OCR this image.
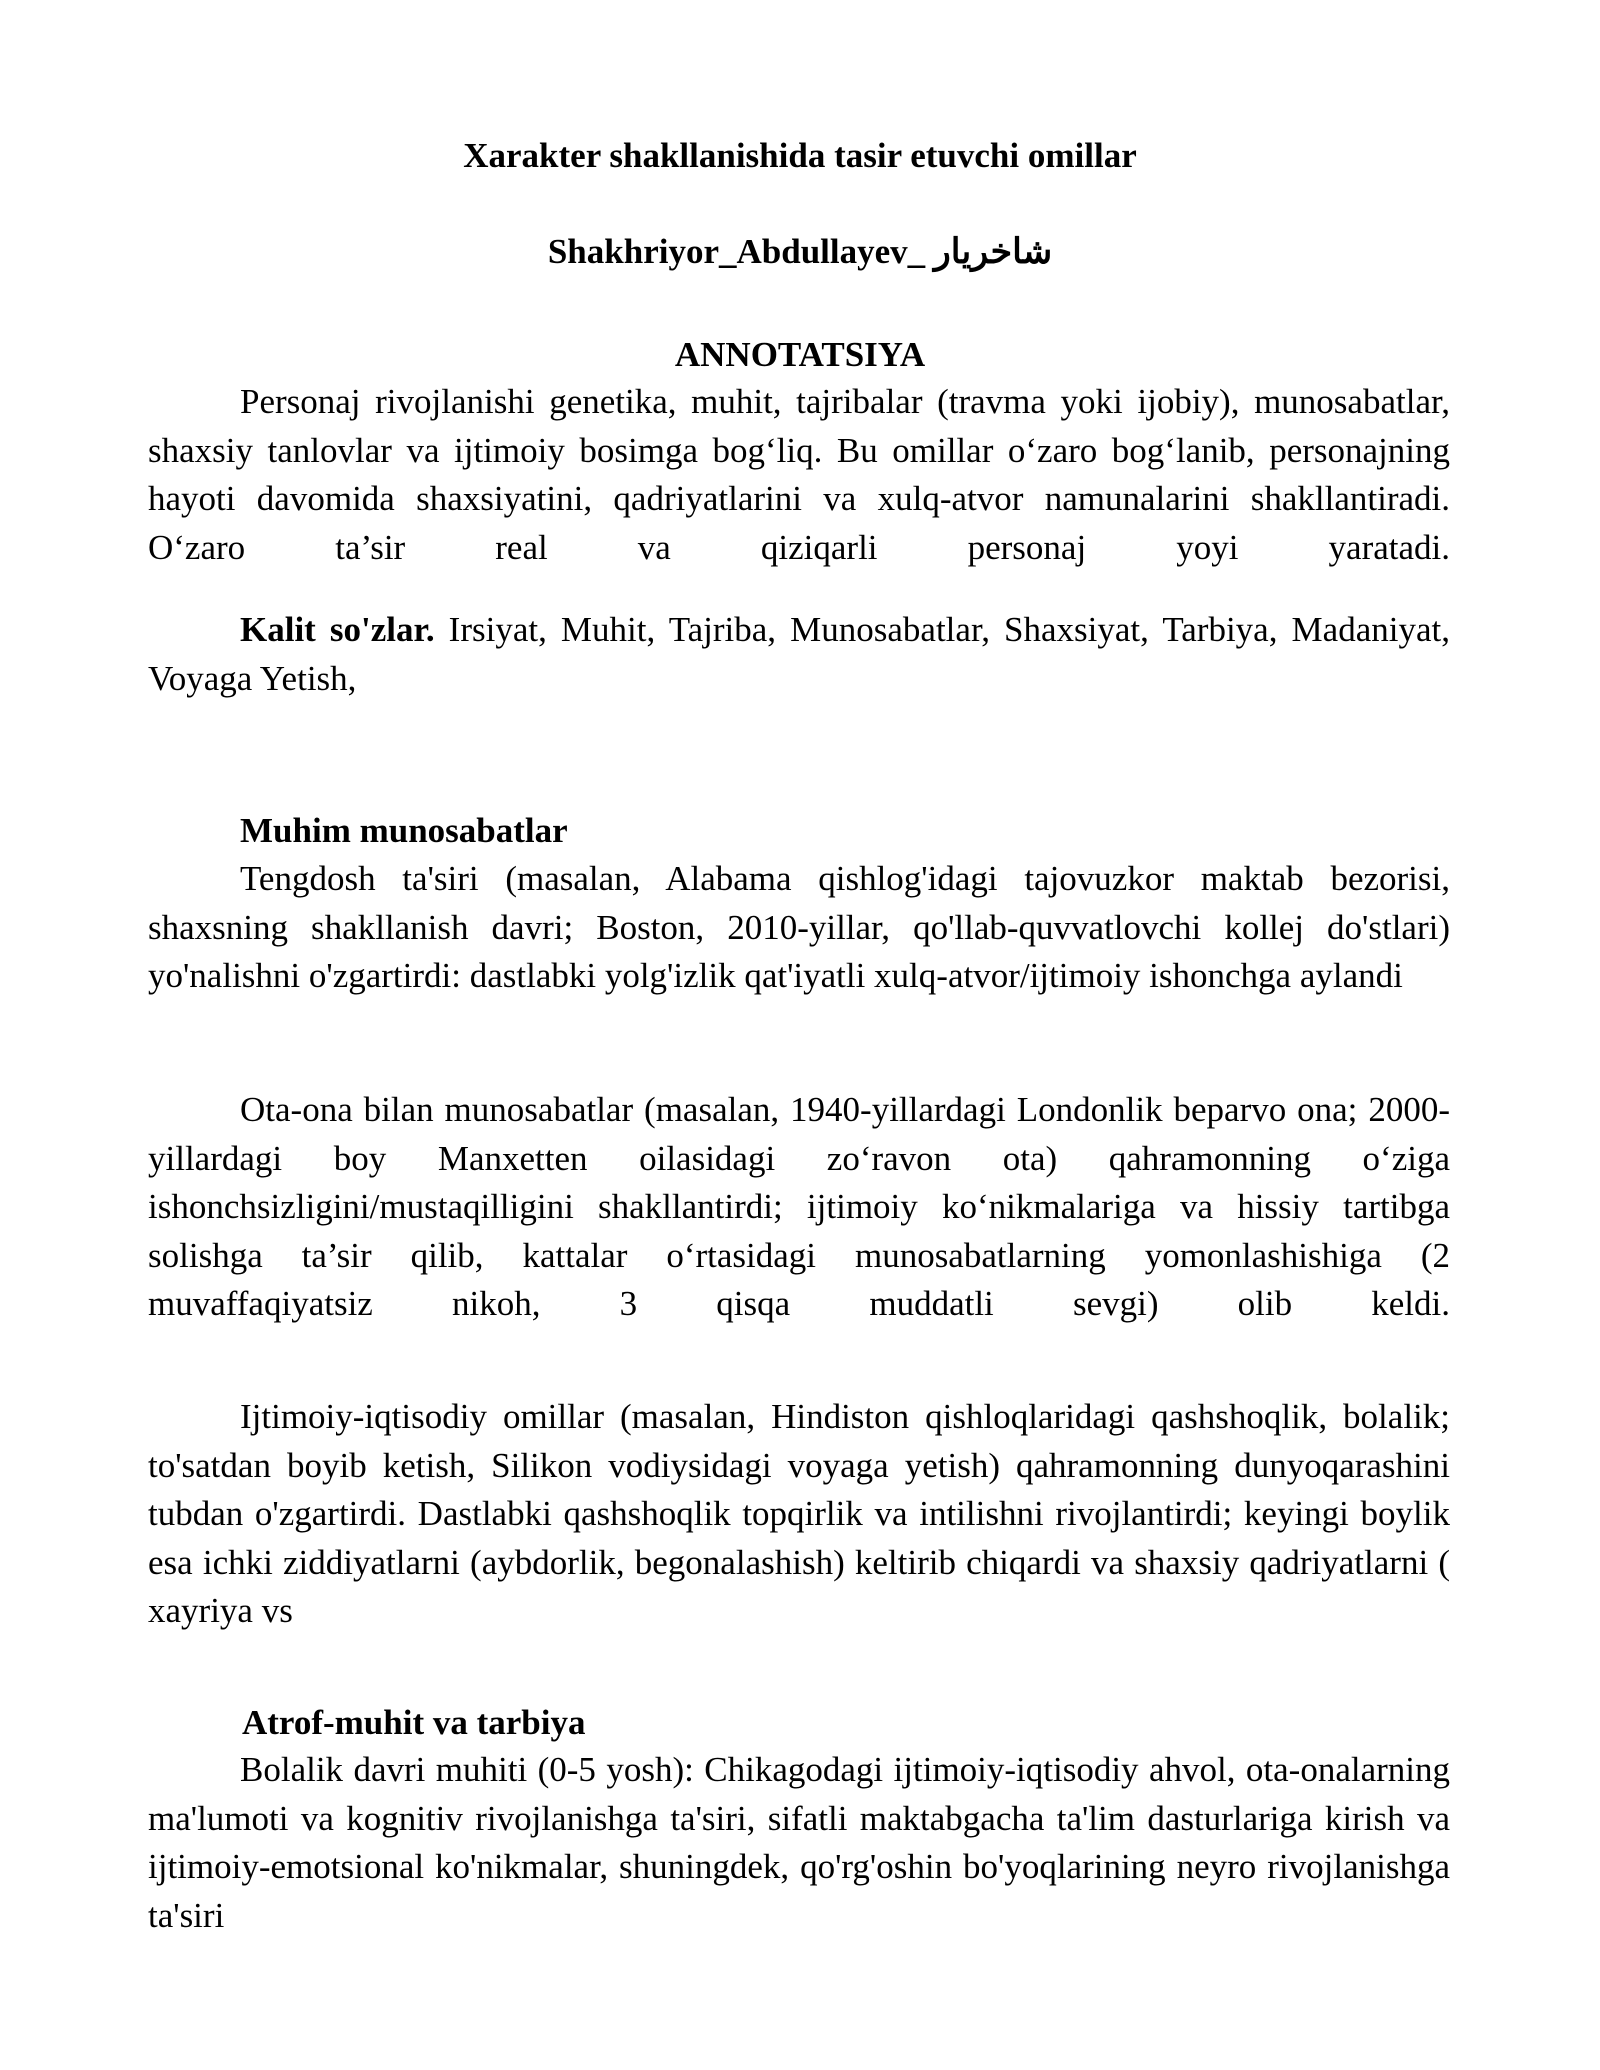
Xarakter shakllanishida tasir etuvchi omillar
Shakhriyor_Abdullayev_ شاخریار
ANNOTATSIYA

Personaj rivojlanishi genetika, muhit, tajribalar (travma yoki ijobiy), munosabatlar, shaxsiy tanlovlar va ijtimoiy bosimga bog‘liq. Bu omillar o‘zaro bog‘lanib, personajning hayoti davomida shaxsiyatini, qadriyatlarini va xulq-atvor namunalarini shakllantiradi. O‘zaro ta’sir real va qiziqarli personaj yoyi yaratadi.

Kalit so'zlar. Irsiyat, Muhit, Tajriba, Munosabatlar, Shaxsiyat, Tarbiya, Madaniyat, Voyaga Yetish,

Muhim munosabatlar

Tengdosh ta'siri (masalan, Alabama qishlog'idagi tajovuzkor maktab bezorisi, shaxsning shakllanish davri; Boston, 2010-yillar, qo'llab-quvvatlovchi kollej do'stlari) yo'nalishni o'zgartirdi: dastlabki yolg'izlik qat'iyatli xulq-atvor/ijtimoiy ishonchga aylandi

Ota-ona bilan munosabatlar (masalan, 1940-yillardagi Londonlik beparvo ona; 2000-yillardagi boy Manxetten oilasidagi zo‘ravon ota) qahramonning o‘ziga ishonchsizligini/mustaqilligini shakllantirdi; ijtimoiy ko‘nikmalariga va hissiy tartibga solishga ta’sir qilib, kattalar o‘rtasidagi munosabatlarning yomonlashishiga (2 muvaffaqiyatsiz nikoh, 3 qisqa muddatli sevgi) olib keldi.

Ijtimoiy-iqtisodiy omillar (masalan, Hindiston qishloqlaridagi qashshoqlik, bolalik; to'satdan boyib ketish, Silikon vodiysidagi voyaga yetish) qahramonning dunyoqarashini tubdan o'zgartirdi. Dastlabki qashshoqlik topqirlik va intilishni rivojlantirdi; keyingi boylik esa ichki ziddiyatlarni (aybdorlik, begonalashish) keltirib chiqardi va shaxsiy qadriyatlarni ( xayriya vs

Atrof-muhit va tarbiya

Bolalik davri muhiti (0-5 yosh): Chikagodagi ijtimoiy-iqtisodiy ahvol, ota-onalarning ma'lumoti va kognitiv rivojlanishga ta'siri, sifatli maktabgacha ta'lim dasturlariga kirish va ijtimoiy-emotsional ko'nikmalar, shuningdek, qo'rg'oshin bo'yoqlarining neyro rivojlanishga ta'siri
